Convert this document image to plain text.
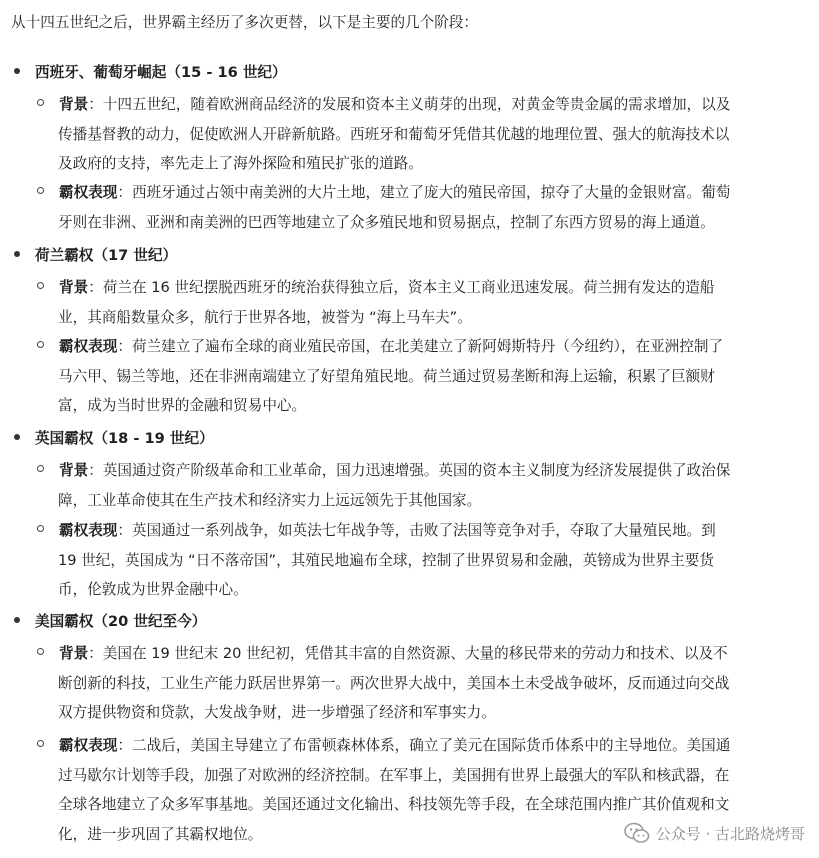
从十四五世纪之后，世界霸主经历了多次更替，以下是主要的几个阶段：
西班牙、葡萄牙崛起（15 - 16 世纪）
背景：十四五世纪，随着欧洲商品经济的发展和资本主义萌芽的出现，对黄金等贵金属的需求增加，以及
传播基督教的动力，促使欧洲人开辟新航路。西班牙和葡萄牙凭借其优越的地理位置、强大的航海技术以
及政府的支持，率先走上了海外探险和殖民扩张的道路。
霸权表现：西班牙通过占领中南美洲的大片土地，建立了庞大的殖民帝国，掠夺了大量的金银财富。葡萄
牙则在非洲、亚洲和南美洲的巴西等地建立了众多殖民地和贸易据点，控制了东西方贸易的海上通道。
荷兰霸权（17 世纪）
背景：荷兰在 16 世纪摆脱西班牙的统治获得独立后，资本主义工商业迅速发展。荷兰拥有发达的造船
业，其商船数量众多，航行于世界各地，被誉为 “海上马车夫”。
霸权表现：荷兰建立了遍布全球的商业殖民帝国，在北美建立了新阿姆斯特丹（今纽约），在亚洲控制了
马六甲、锡兰等地，还在非洲南端建立了好望角殖民地。荷兰通过贸易垄断和海上运输，积累了巨额财
富，成为当时世界的金融和贸易中心。
英国霸权（18 - 19 世纪）
背景：英国通过资产阶级革命和工业革命，国力迅速增强。英国的资本主义制度为经济发展提供了政治保
障，工业革命使其在生产技术和经济实力上远远领先于其他国家。
霸权表现：英国通过一系列战争，如英法七年战争等，击败了法国等竞争对手，夺取了大量殖民地。到
19 世纪，英国成为 “日不落帝国”，其殖民地遍布全球，控制了世界贸易和金融，英镑成为世界主要货
币，伦敦成为世界金融中心。
美国霸权（20 世纪至今）
背景：美国在 19 世纪末 20 世纪初，凭借其丰富的自然资源、大量的移民带来的劳动力和技术、以及不
断创新的科技，工业生产能力跃居世界第一。两次世界大战中，美国本土未受战争破坏，反而通过向交战
双方提供物资和贷款，大发战争财，进一步增强了经济和军事实力。
霸权表现：二战后，美国主导建立了布雷顿森林体系，确立了美元在国际货币体系中的主导地位。美国通
过马歇尔计划等手段，加强了对欧洲的经济控制。在军事上，美国拥有世界上最强大的军队和核武器，在
全球各地建立了众多军事基地。美国还通过文化输出、科技领先等手段，在全球范围内推广其价值观和文
化，进一步巩固了其霸权地位。	公众号 · 古北路烧烤哥
